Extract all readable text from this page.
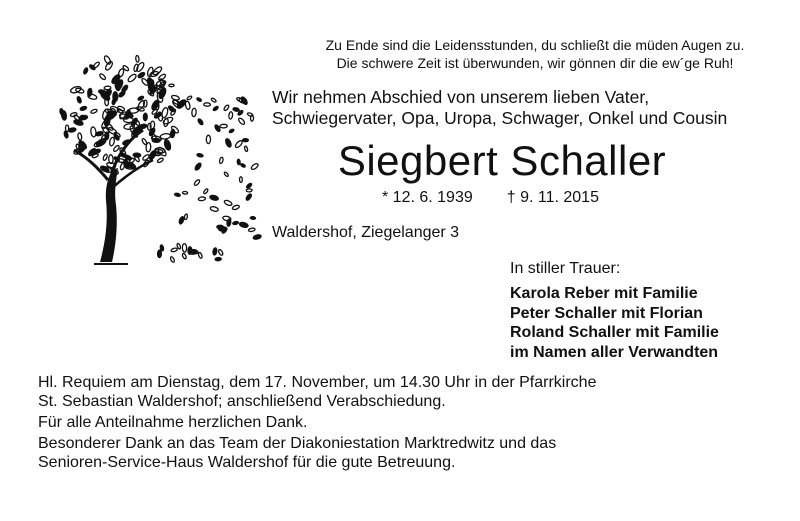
Zu Ende sind die Leidensstunden, du schließt die müden Augen zu.
Die schwere Zeit ist überwunden, wir gönnen dir die ew´ge Ruh!
Wir nehmen Abschied von unserem lieben Vater,
Schwiegervater, Opa, Uropa, Schwager, Onkel und Cousin
Siegbert Schaller
* 12. 6. 1939 † 9. 11. 2015
Waldershof, Ziegelanger 3
In stiller Trauer:
Karola Reber mit Familie
Peter Schaller mit Florian
Roland Schaller mit Familie
im Namen aller Verwandten

Hl. Requiem am Dienstag, dem 17. November, um 14.30 Uhr in der Pfarrkirche

St. Sebastian Waldershof; anschließend Verabschiedung.

Für alle Anteilnahme herzlichen Dank.

Besonderer Dank an das Team der Diakoniestation Marktredwitz und das

Senioren-Service-Haus Waldershof für die gute Betreuung.
